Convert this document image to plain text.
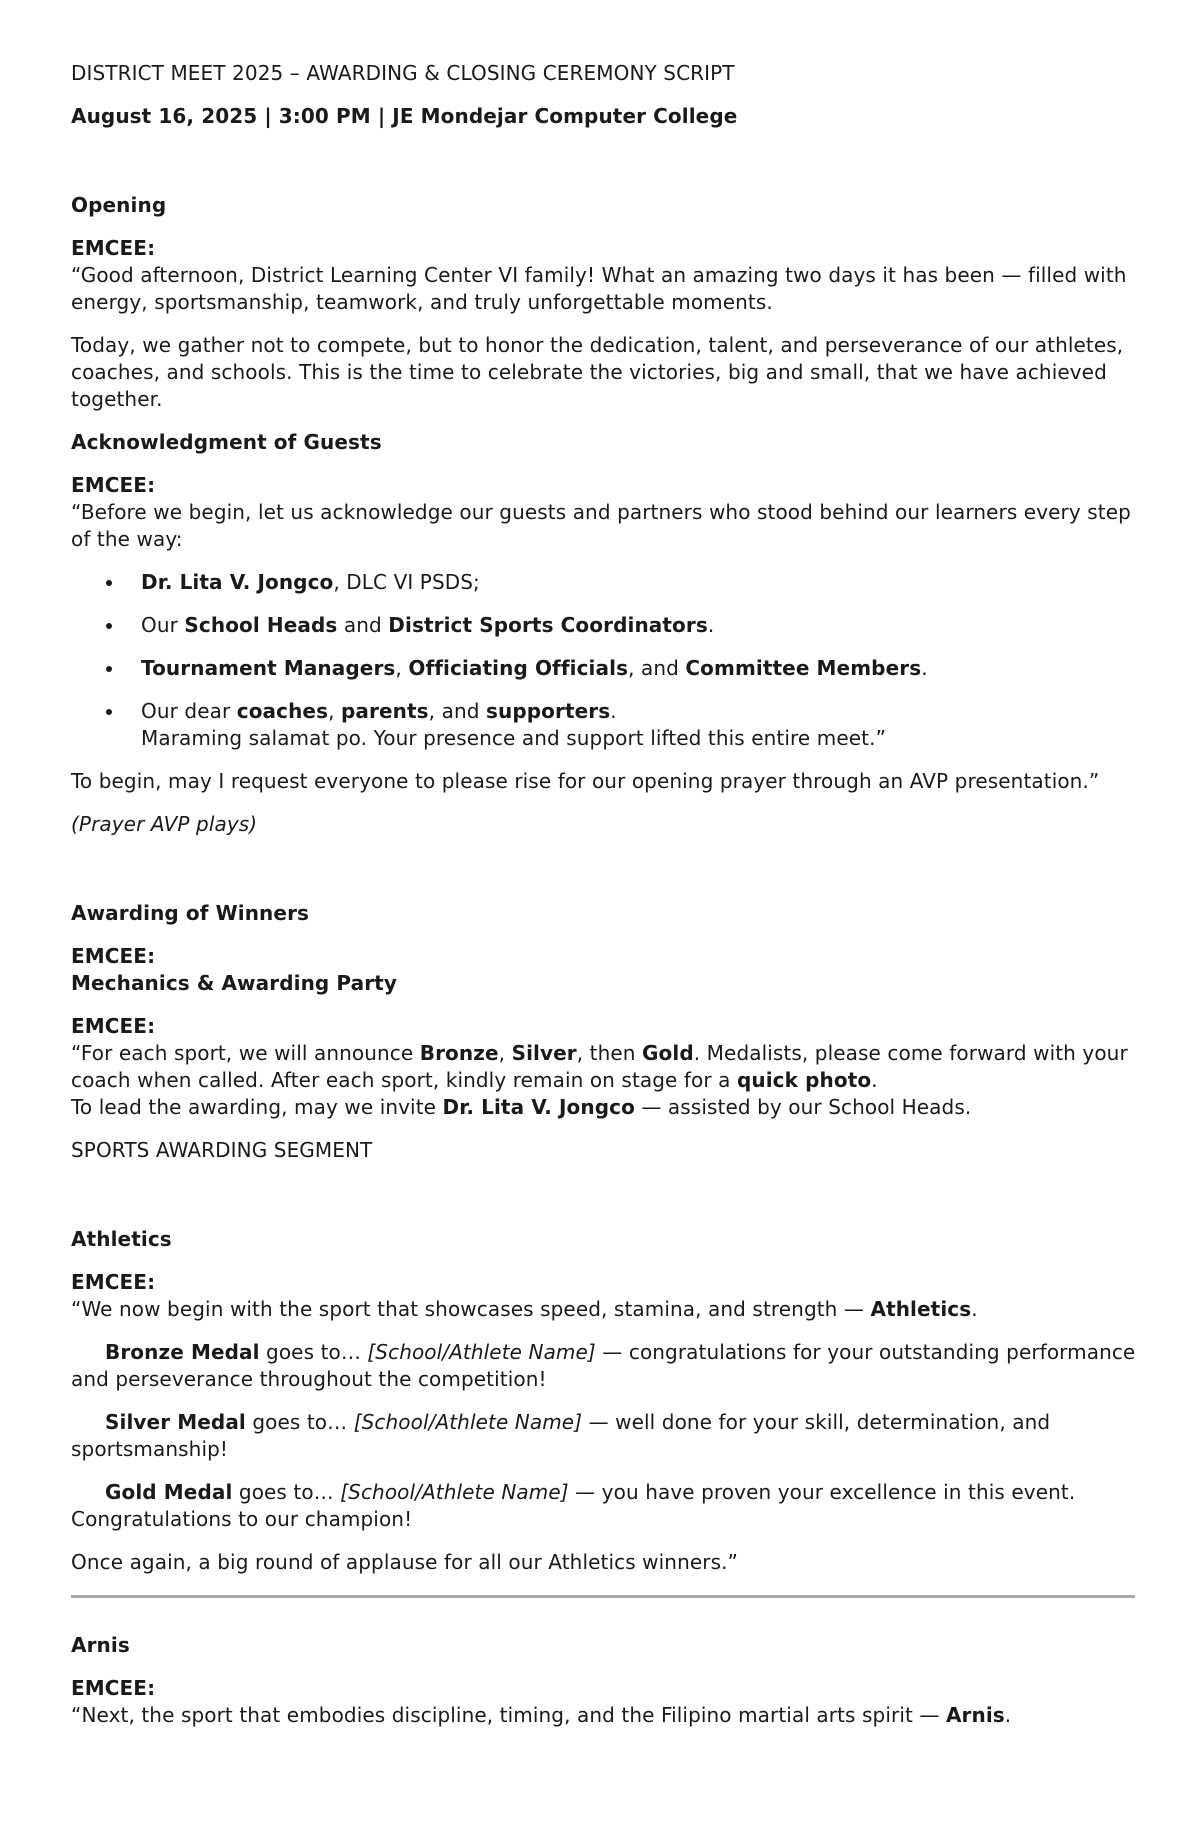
DISTRICT MEET 2025 – AWARDING & CLOSING CEREMONY SCRIPT

August 16, 2025 | 3:00 PM | JE Mondejar Computer College

Opening

EMCEE:

“Good afternoon, District Learning Center VI family! What an amazing two days it has been — filled with energy, sportsmanship, teamwork, and truly unforgettable moments.

Today, we gather not to compete, but to honor the dedication, talent, and perseverance of our athletes, coaches, and schools. This is the time to celebrate the victories, big and small, that we have achieved together.

Acknowledgment of Guests

EMCEE:

“Before we begin, let us acknowledge our guests and partners who stood behind our learners every step of the way:

Dr. Lita V. Jongco, DLC VI PSDS;
Our School Heads and District Sports Coordinators.
Tournament Managers, Officiating Officials, and Committee Members.
Our dear coaches, parents, and supporters.
Maraming salamat po. Your presence and support lifted this entire meet.”

To begin, may I request everyone to please rise for our opening prayer through an AVP presentation.”

(Prayer AVP plays)

Awarding of Winners

EMCEE:

Mechanics & Awarding Party

EMCEE:

“For each sport, we will announce Bronze, Silver, then Gold. Medalists, please come forward with your coach when called. After each sport, kindly remain on stage for a quick photo.

To lead the awarding, may we invite Dr. Lita V. Jongco — assisted by our School Heads.

SPORTS AWARDING SEGMENT

Athletics

EMCEE:

“We now begin with the sport that showcases speed, stamina, and strength — Athletics.

Bronze Medal goes to… [School/Athlete Name] — congratulations for your outstanding performance and perseverance throughout the competition!

Silver Medal goes to… [School/Athlete Name] — well done for your skill, determination, and sportsmanship!

Gold Medal goes to… [School/Athlete Name] — you have proven your excellence in this event. Congratulations to our champion!

Once again, a big round of applause for all our Athletics winners.”

Arnis

EMCEE:

“Next, the sport that embodies discipline, timing, and the Filipino martial arts spirit — Arnis.
